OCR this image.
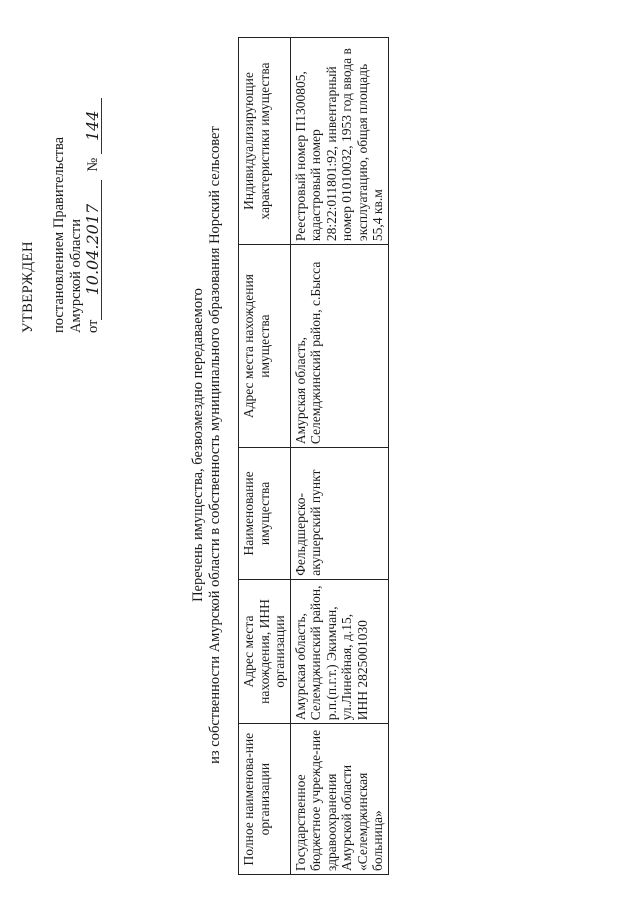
УТВЕРЖДЕН постановлением Правительства Амурской области от
10.04.2017
№
144
Перечень имущества, безвозмездно передаваемого из собственности Амурской области в собственность муниципального образования Норский сельсовет
Полное наименова-ние организации	Адрес места нахождения, ИНН организации	Наименование имущества	Адрес места нахождения имущества	Индивидуализирующие характеристики имущества
Государственное бюджетное учрежде-ние здравоохранения Амурской области «Селемджинская больница»	Амурская область, Селемджинский район, р.п.(п.г.т.) Экимчан, ул.Линейная, д.15, ИНН 2825001030	Фельдшерско-акушерский пункт	Амурская область, Селемджинский район, с.Бысса	Реестровый номер П1300805, кадастровый номер 28:22:011801:92, инвентарный номер 01010032, 1953 год ввода в эксплуатацию, общая площадь 55,4 кв.м
